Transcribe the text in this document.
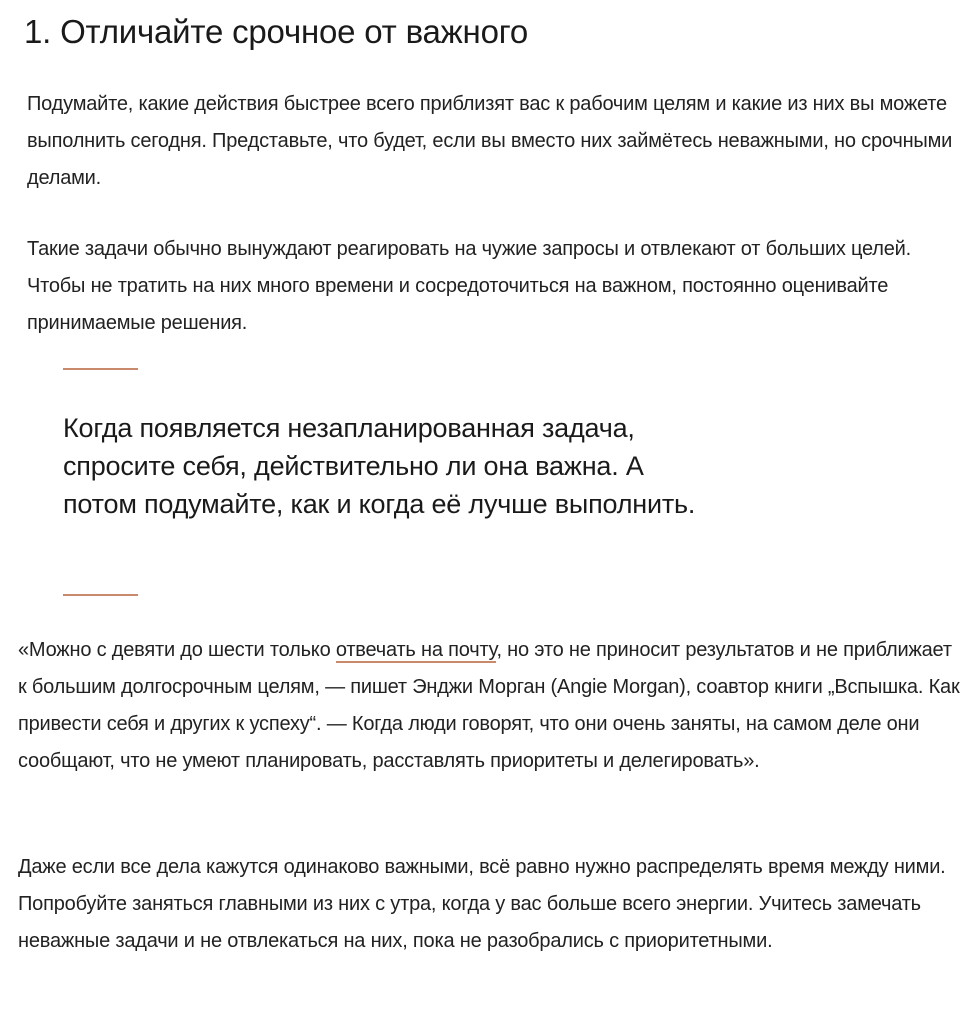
1. Отличайте срочное от важного

Подумайте, какие действия быстрее всего приблизят вас к рабочим целям и какие из них вы можете выполнить сегодня. Представьте, что будет, если вы вместо них займётесь неважными, но срочными делами.

Такие задачи обычно вынуждают реагировать на чужие запросы и отвлекают от больших целей. Чтобы не тратить на них много времени и сосредоточиться на важном, постоянно оценивайте принимаемые решения.

Когда появляется незапланированная задача, спросите себя, действительно ли она важна. А потом подумайте, как и когда её лучше выполнить.

«Можно с девяти до шести только отвечать на почту, но это не приносит результатов и не приближает к большим долгосрочным целям, — пишет Энджи Морган (Angie Morgan), соавтор книги „Вспышка. Как привести себя и других к успеху“. — Когда люди говорят, что они очень заняты, на самом деле они сообщают, что не умеют планировать, расставлять приоритеты и делегировать».

Даже если все дела кажутся одинаково важными, всё равно нужно распределять время между ними. Попробуйте заняться главными из них с утра, когда у вас больше всего энергии. Учитесь замечать неважные задачи и не отвлекаться на них, пока не разобрались с приоритетными.
